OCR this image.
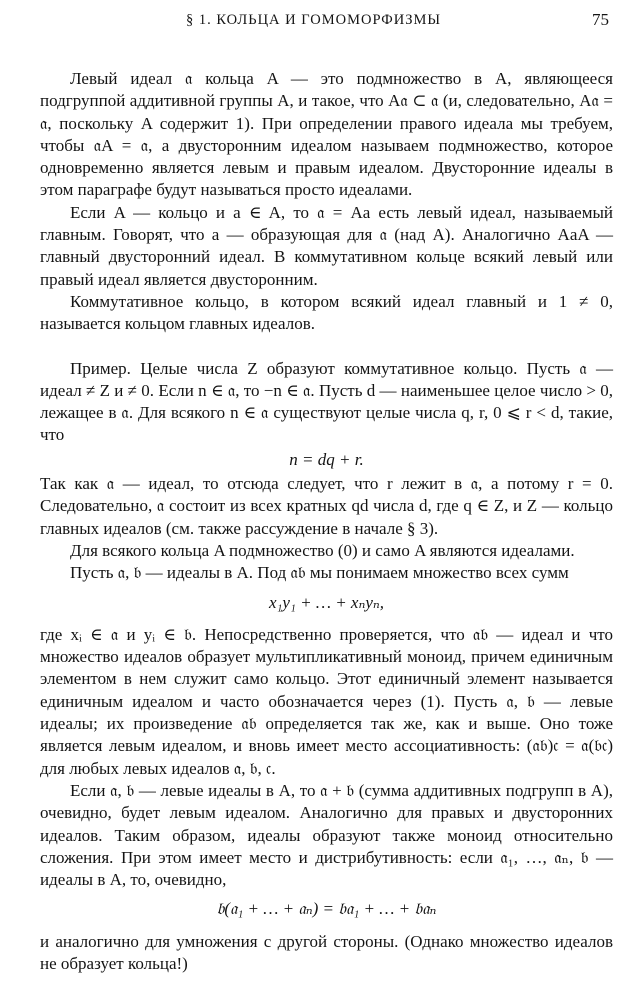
§ 1. КОЛЬЦА И ГОМОМОРФИЗМЫ	75

Левый идеал 𝔞 кольца A — это подмножество в A, являющееся подгруппой аддитивной группы A, и такое, что A𝔞 ⊂ 𝔞 (и, следовательно, A𝔞 = 𝔞, поскольку A содержит 1). При определении правого идеала мы требуем, чтобы 𝔞A = 𝔞, а двусторонним идеалом называем подмножество, которое одновременно является левым и правым идеалом. Двусторонние идеалы в этом параграфе будут называться просто идеалами.

Если A — кольцо и a ∈ A, то 𝔞 = Aa есть левый идеал, называемый главным. Говорят, что a — образующая для 𝔞 (над A). Аналогично AaA — главный двусторонний идеал. В коммутативном кольце всякий левый или правый идеал является двусторонним.

Коммутативное кольцо, в котором всякий идеал главный и 1 ≠ 0, называется кольцом главных идеалов.

Пример. Целые числа Z образуют коммутативное кольцо. Пусть 𝔞 — идеал ≠ Z и ≠ 0. Если n ∈ 𝔞, то −n ∈ 𝔞. Пусть d — наименьшее целое число > 0, лежащее в 𝔞. Для всякого n ∈ 𝔞 существуют целые числа q, r, 0 ⩽ r < d, такие, что

n = dq + r.

Так как 𝔞 — идеал, то отсюда следует, что r лежит в 𝔞, а потому r = 0. Следовательно, 𝔞 состоит из всех кратных qd числа d, где q ∈ Z, и Z — кольцо главных идеалов (см. также рассуждение в начале § 3).

Для всякого кольца A подмножество (0) и само A являются идеалами.

Пусть 𝔞, 𝔟 — идеалы в A. Под 𝔞𝔟 мы понимаем множество всех сумм

x₁y₁ + … + xₙyₙ,

где xᵢ ∈ 𝔞 и yᵢ ∈ 𝔟. Непосредственно проверяется, что 𝔞𝔟 — идеал и что множество идеалов образует мультипликативный моноид, причем единичным элементом в нем служит само кольцо. Этот единичный элемент называется единичным идеалом и часто обозначается через (1). Пусть 𝔞, 𝔟 — левые идеалы; их произведение 𝔞𝔟 определяется так же, как и выше. Оно тоже является левым идеалом, и вновь имеет место ассоциативность: (𝔞𝔟)𝔠 = 𝔞(𝔟𝔠) для любых левых идеалов 𝔞, 𝔟, 𝔠.

Если 𝔞, 𝔟 — левые идеалы в A, то 𝔞 + 𝔟 (сумма аддитивных подгрупп в A), очевидно, будет левым идеалом. Аналогично для правых и двусторонних идеалов. Таким образом, идеалы образуют также моноид относительно сложения. При этом имеет место и дистрибутивность: если 𝔞₁, …, 𝔞ₙ, 𝔟 — идеалы в A, то, очевидно,

𝔟(𝔞₁ + … + 𝔞ₙ) = 𝔟𝔞₁ + … + 𝔟𝔞ₙ

и аналогично для умножения с другой стороны. (Однако множество идеалов не образует кольца!)
